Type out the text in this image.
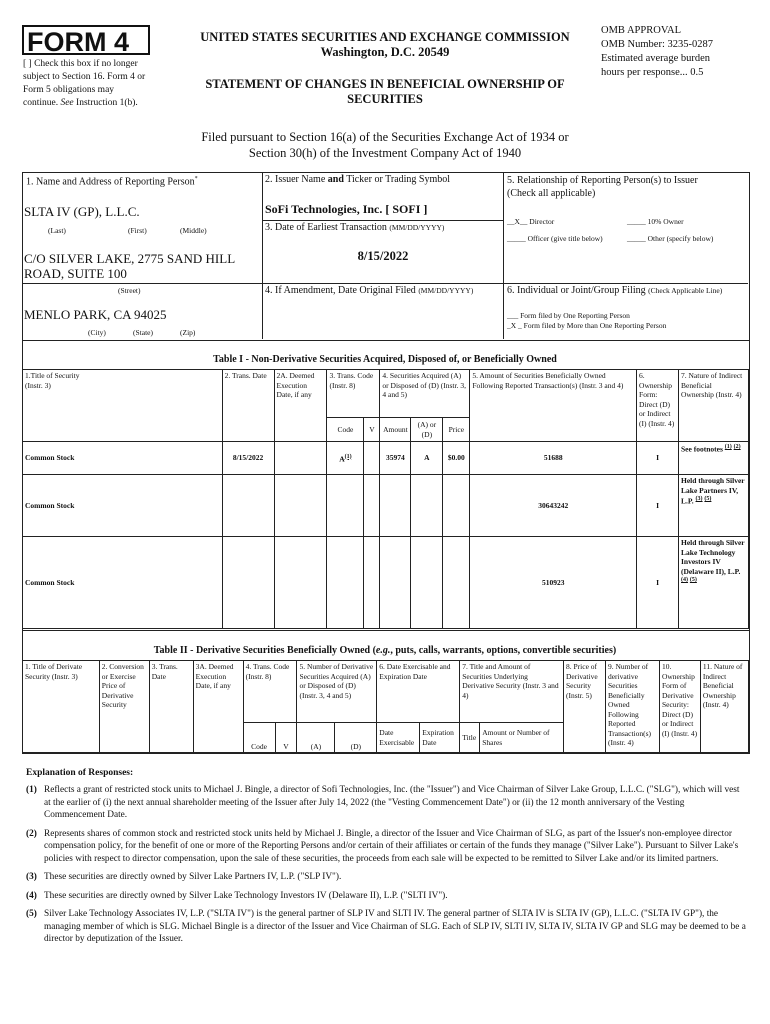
FORM 4
[ ] Check this box if no longer
subject to Section 16. Form 4 or
Form 5 obligations may
continue. See Instruction 1(b).
UNITED STATES SECURITIES AND EXCHANGE COMMISSION
Washington, D.C. 20549
STATEMENT OF CHANGES IN BENEFICIAL OWNERSHIP OF
SECURITIES
OMB APPROVAL
OMB Number: 3235-0287
Estimated average burden
hours per response... 0.5
Filed pursuant to Section 16(a) of the Securities Exchange Act of 1934 or
Section 30(h) of the Investment Company Act of 1940
1. Name and Address of Reporting Person*
SLTA IV (GP), L.L.C.
(Last)	(First)	(Middle)
C/O SILVER LAKE, 2775 SAND HILL
ROAD, SUITE 100
(Street)
MENLO PARK, CA 94025
(City)	(State)	(Zip)
2. Issuer Name and Ticker or Trading Symbol
SoFi Technologies, Inc. [ SOFI ]
3. Date of Earliest Transaction (MM/DD/YYYY)
8/15/2022
4. If Amendment, Date Original Filed (MM/DD/YYYY)
5. Relationship of Reporting Person(s) to Issuer
(Check all applicable)
__X__ Director	_____ 10% Owner
_____ Officer (give title below)	_____ Other (specify below)
6. Individual or Joint/Group Filing (Check Applicable Line)
___ Form filed by One Reporting Person
_X _ Form filed by More than One Reporting Person
Table I - Non-Derivative Securities Acquired, Disposed of, or Beneficially Owned
1.Title of Security
(Instr. 3)	2. Trans. Date	2A. Deemed Execution Date, if any	3. Trans. Code (Instr. 8)		4. Securities Acquired (A) or Disposed of (D) (Instr. 3, 4 and 5)			5. Amount of Securities Beneficially Owned Following Reported Transaction(s) (Instr. 3 and 4)	6. Ownership Form: Direct (D) or Indirect (I) (Instr. 4)	7. Nature of Indirect Beneficial Ownership (Instr. 4)
			Code	V	Amount	(A) or (D)	Price			
Common Stock	8/15/2022		$A^{(1)}$		35974	A	$0.00	51688	I	See footnotes $^{(1)}$ $^{(2)}$
Common Stock								30643242	I	Held through Silver Lake Partners IV, L.P. $^{(3)}$ $^{(5)}$
Common Stock								510923	I	Held through Silver Lake Technology Investors IV (Delaware II), L.P. $^{(4)}$ $^{(5)}$
Table II - Derivative Securities Beneficially Owned (e.g., puts, calls, warrants, options, convertible securities)
1. Title of Derivate Security (Instr. 3)	2. Conversion or Exercise Price of Derivative Security	3. Trans. Date	3A. Deemed Execution Date, if any	4. Trans. Code (Instr. 8)		5. Number of Derivative Securities Acquired (A) or Disposed of (D) (Instr. 3, 4 and 5)		6. Date Exercisable and Expiration Date		7. Title and Amount of Securities Underlying Derivative Security (Instr. 3 and 4)		8. Price of Derivative Security (Instr. 5)	9. Number of derivative Securities Beneficially Owned Following Reported Transaction(s) (Instr. 4)	10. Ownership Form of Derivative Security: Direct (D) or Indirect (I) (Instr. 4)	11. Nature of Indirect Beneficial Ownership (Instr. 4)
				Code	V	(A)	(D)	Date Exercisable	Expiration Date	Title	Amount or Number of Shares				
Explanation of Responses:

(1) Reflects a grant of restricted stock units to Michael J. Bingle, a director of Sofi Technologies, Inc. (the "Issuer") and Vice Chairman of Silver Lake Group, L.L.C. ("SLG"), which will vest at the earlier of (i) the next annual shareholder meeting of the Issuer after July 14, 2022 (the "Vesting Commencement Date") or (ii) the 12 month anniversary of the Vesting Commencement Date.

(2) Represents shares of common stock and restricted stock units held by Michael J. Bingle, a director of the Issuer and Vice Chairman of SLG, as part of the Issuer's non-employee director compensation policy, for the benefit of one or more of the Reporting Persons and/or certain of their affiliates or certain of the funds they manage ("Silver Lake"). Pursuant to Silver Lake's policies with respect to director compensation, upon the sale of these securities, the proceeds from each sale will be expected to be remitted to Silver Lake and/or its limited partners.

(3) These securities are directly owned by Silver Lake Partners IV, L.P. ("SLP IV").

(4) These securities are directly owned by Silver Lake Technology Investors IV (Delaware II), L.P. ("SLTI IV").

(5) Silver Lake Technology Associates IV, L.P. ("SLTA IV") is the general partner of SLP IV and SLTI IV. The general partner of SLTA IV is SLTA IV (GP), L.L.C. ("SLTA IV GP"), the managing member of which is SLG. Michael Bingle is a director of the Issuer and Vice Chairman of SLG. Each of SLP IV, SLTI IV, SLTA IV, SLTA IV GP and SLG may be deemed to be a director by deputization of the Issuer.
